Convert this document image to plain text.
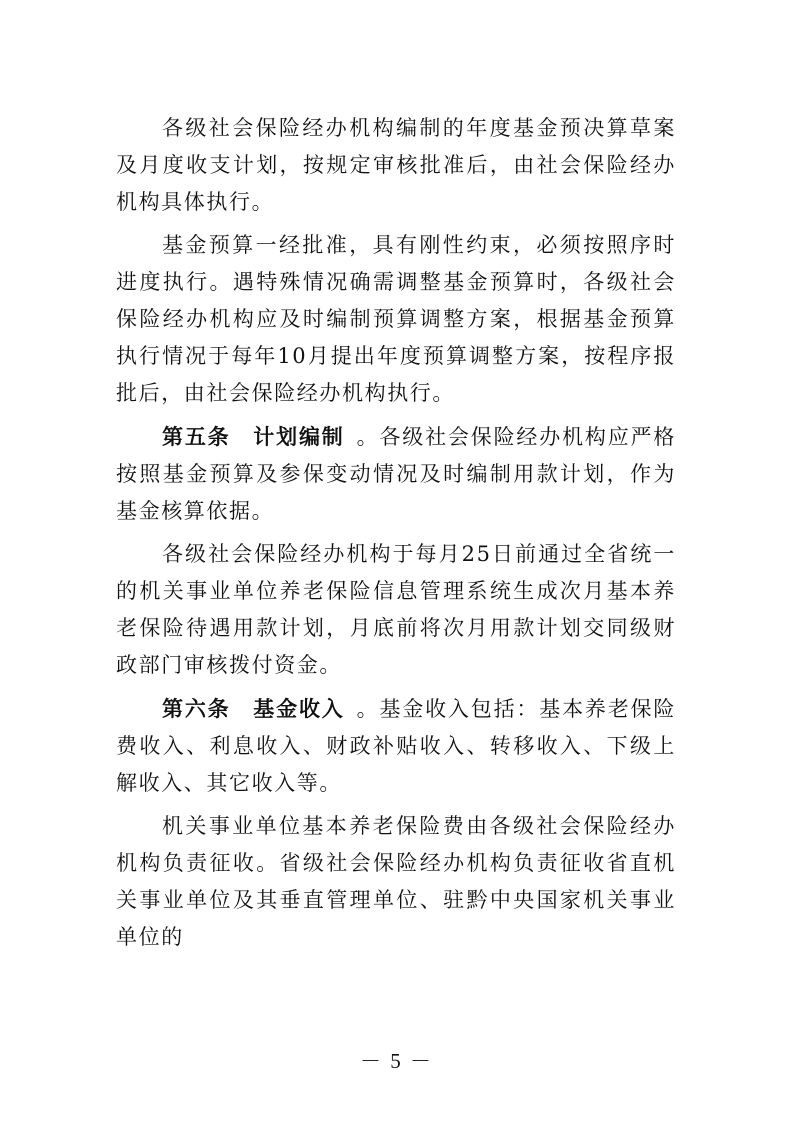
各级社会保险经办机构编制的年度基金预决算草案及月度收支计划，按规定审核批准后，由社会保险经办机构具体执行。

基金预算一经批准，具有刚性约束，必须按照序时进度执行。遇特殊情况确需调整基金预算时，各级社会保险经办机构应及时编制预算调整方案，根据基金预算执行情况于每年10月提出年度预算调整方案，按程序报批后，由社会保险经办机构执行。

第五条　计划编制 。各级社会保险经办机构应严格按照基金预算及参保变动情况及时编制用款计划，作为基金核算依据。

各级社会保险经办机构于每月25日前通过全省统一的机关事业单位养老保险信息管理系统生成次月基本养老保险待遇用款计划，月底前将次月用款计划交同级财政部门审核拨付资金。

第六条　基金收入 。基金收入包括：基本养老保险费收入、利息收入、财政补贴收入、转移收入、下级上解收入、其它收入等。

机关事业单位基本养老保险费由各级社会保险经办机构负责征收。省级社会保险经办机构负责征收省直机关事业单位及其垂直管理单位、驻黔中央国家机关事业单位的

－ 5 －
